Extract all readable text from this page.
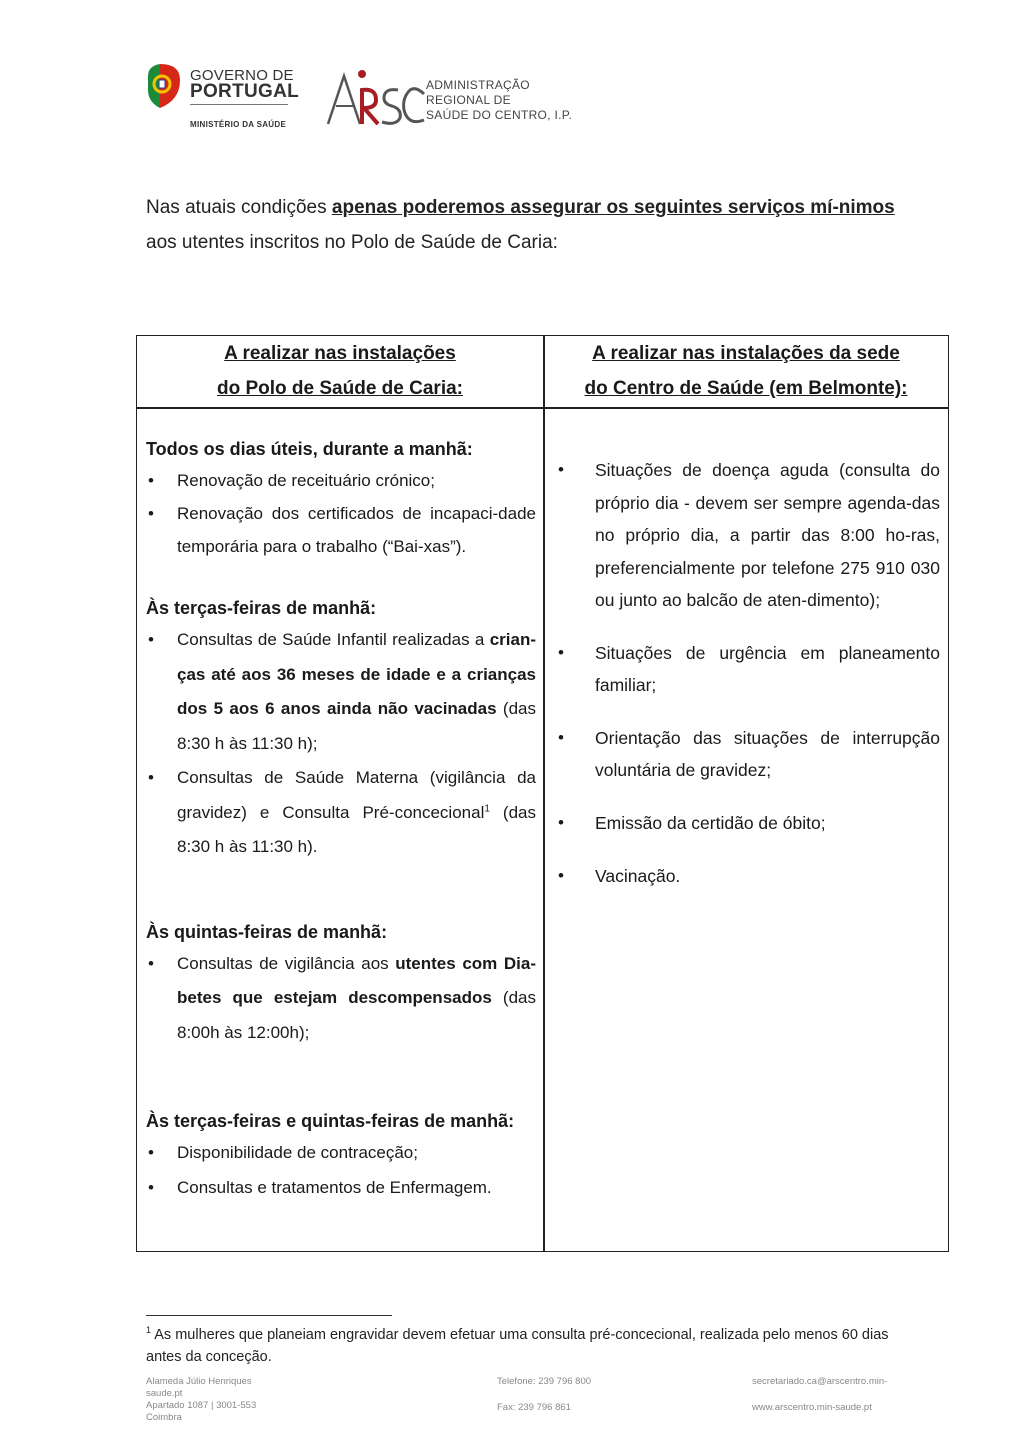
GOVERNO DE
PORTUGAL
MINISTÉRIO DA SAÚDE
ADMINISTRAÇÃO
REGIONAL DE
SAÚDE DO CENTRO, I.P.
Nas atuais condições apenas poderemos assegurar os seguintes serviços mí-nimos aos utentes inscritos no Polo de Saúde de Caria:
A realizar nas instalações
do Polo de Saúde de Caria:
A realizar nas instalações da sede
do Centro de Saúde (em Belmonte):
Todos os dias úteis, durante a manhã:
• Renovação de receituário crónico;
• Renovação dos certificados de incapaci-dade temporária para o trabalho (“Bai-xas”).
Às terças-feiras de manhã:
• Consultas de Saúde Infantil realizadas a crian-ças até aos 36 meses de idade e a crianças dos 5 aos 6 anos ainda não vacinadas (das 8:30 h às 11:30 h);
• Consultas de Saúde Materna (vigilância da gravidez) e Consulta Pré-concecional$^1$ (das 8:30 h às 11:30 h).
Às quintas-feiras de manhã:
• Consultas de vigilância aos utentes com Dia-betes que estejam descompensados (das 8:00h às 12:00h);
Às terças-feiras e quintas-feiras de manhã:
• Disponibilidade de contraceção;
• Consultas e tratamentos de Enfermagem.
• Situações de doença aguda (consulta do próprio dia - devem ser sempre agenda-das no próprio dia, a partir das 8:00 ho-ras, preferencialmente por telefone 275 910 030 ou junto ao balcão de aten-dimento);
• Situações de urgência em planeamento familiar;
• Orientação das situações de interrupção voluntária de gravidez;
• Emissão da certidão de óbito;
• Vacinação.
$^1$ As mulheres que planeiam engravidar devem efetuar uma consulta pré-concecional, realizada pelo menos 60 dias antes da conceção.
Alameda Júlio Henriques
saude.pt
Apartado 1087 | 3001-553 Coimbra
Telefone: 239 796 800
Fax: 239 796 861
secretariado.ca@arscentro.min-
www.arscentro.min-saude.pt
